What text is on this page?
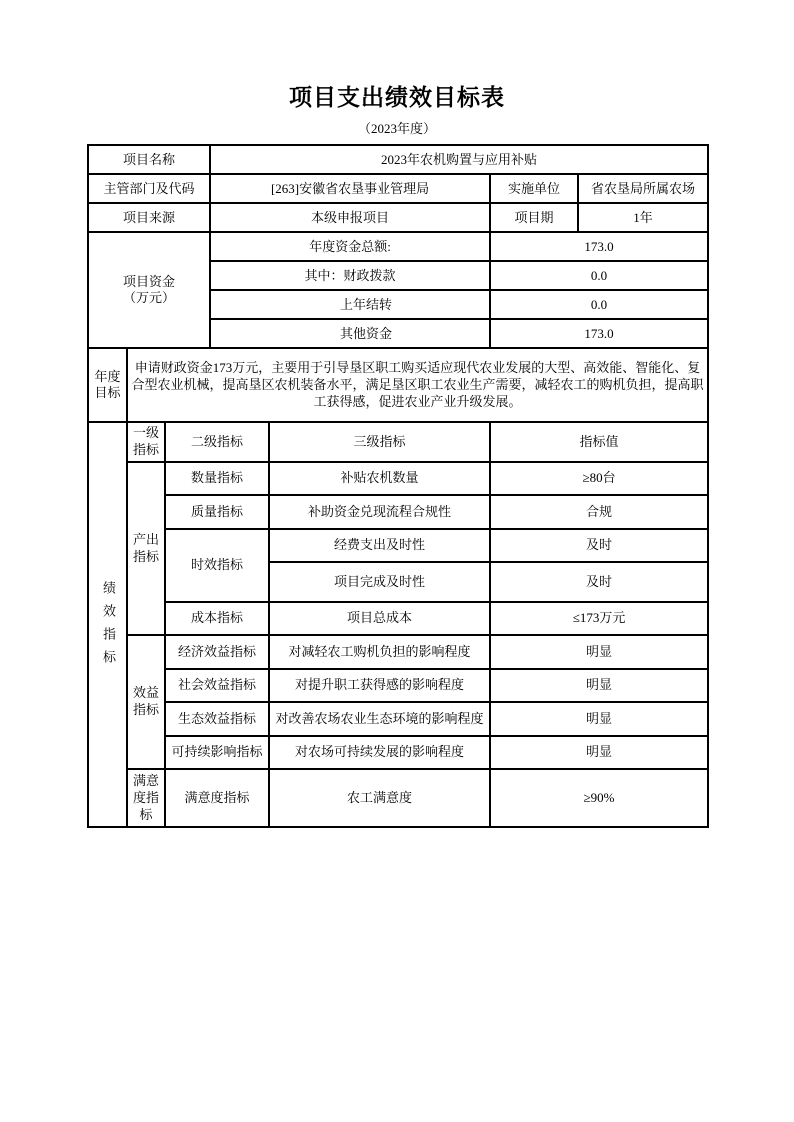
项目支出绩效目标表
（2023年度）
项目名称			2023年农机购置与应用补贴			
主管部门及代码			[263]安徽省农垦事业管理局		实施单位	省农垦局所属农场
项目来源			本级申报项目		项目期	1年
项目资金
（万元）			年度资金总额:		173.0	
			其中：财政拨款		0.0	
			上年结转		0.0	
			其他资金		173.0	
年度目标	申请财政资金173万元，主要用于引导垦区职工购买适应现代农业发展的大型、高效能、智能化、复合型农业机械，提高垦区农机装备水平，满足垦区职工农业生产需要，减轻农工的购机负担，提高职工获得感，促进农业产业升级发展。					
绩效指标	一级指标	二级指标		三级指标	指标值	
	产出指标	数量指标		补贴农机数量	≥80台	
		质量指标		补助资金兑现流程合规性	合规	
		时效指标		经费支出及时性	及时	
				项目完成及时性	及时	
		成本指标		项目总成本	≤173万元	
	效益指标	经济效益指标		对减轻农工购机负担的影响程度	明显	
		社会效益指标		对提升职工获得感的影响程度	明显	
		生态效益指标		对改善农场农业生态环境的影响程度	明显	
		可持续影响指标		对农场可持续发展的影响程度	明显	
	满意度指标	满意度指标		农工满意度	≥90%	
